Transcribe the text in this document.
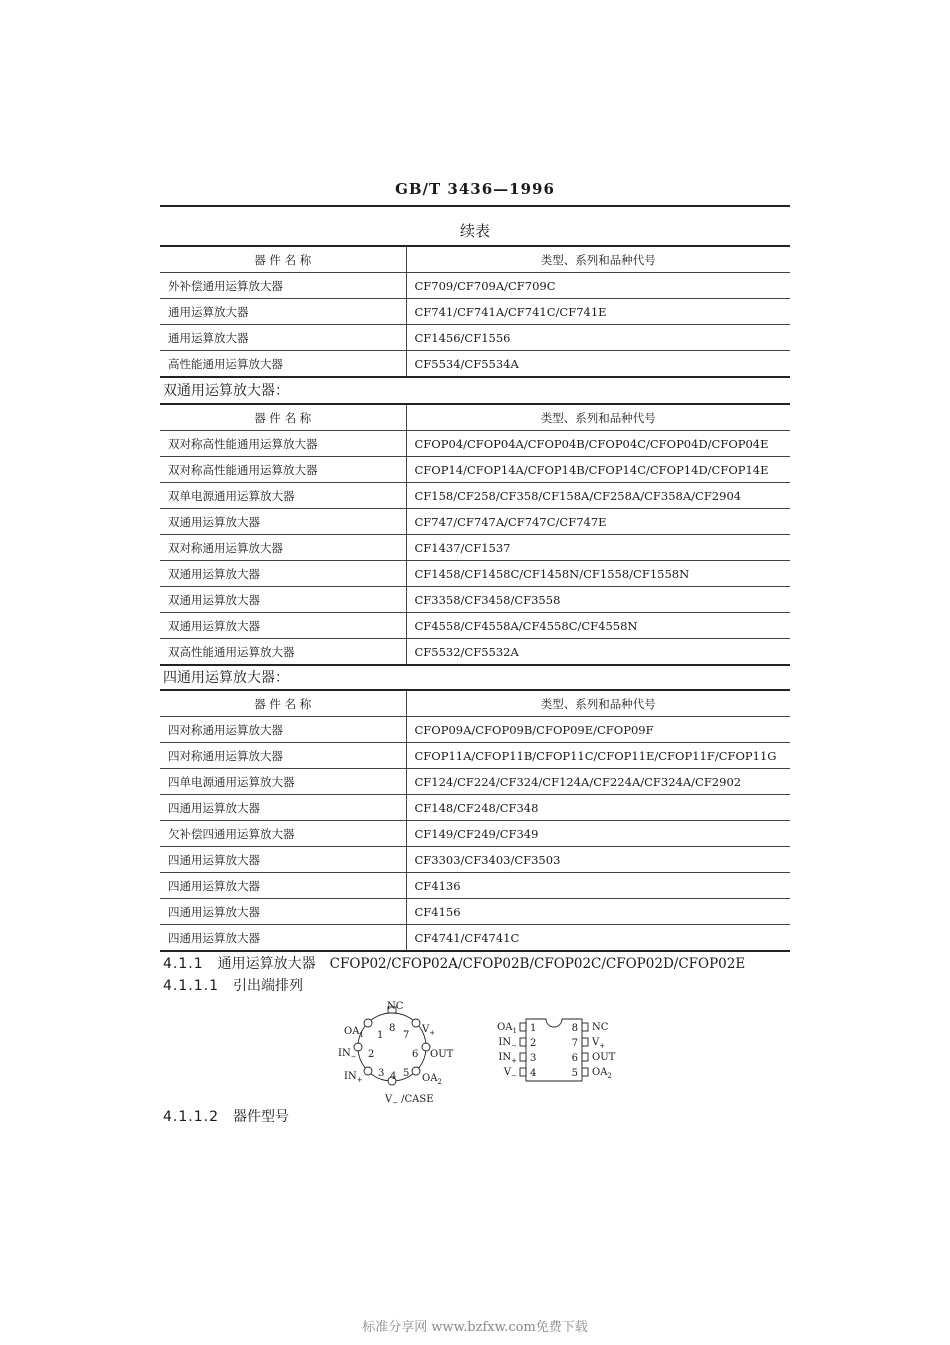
GB/T 3436—1996
续表
器 件 名 称	类型、系列和品种代号
外补偿通用运算放大器	CF709/CF709A/CF709C
通用运算放大器	CF741/CF741A/CF741C/CF741E
通用运算放大器	CF1456/CF1556
高性能通用运算放大器	CF5534/CF5534A
双通用运算放大器：
器 件 名 称	类型、系列和品种代号
双对称高性能通用运算放大器	CFOP04/CFOP04A/CFOP04B/CFOP04C/CFOP04D/CFOP04E
双对称高性能通用运算放大器	CFOP14/CFOP14A/CFOP14B/CFOP14C/CFOP14D/CFOP14E
双单电源通用运算放大器	CF158/CF258/CF358/CF158A/CF258A/CF358A/CF2904
双通用运算放大器	CF747/CF747A/CF747C/CF747E
双对称通用运算放大器	CF1437/CF1537
双通用运算放大器	CF1458/CF1458C/CF1458N/CF1558/CF1558N
双通用运算放大器	CF3358/CF3458/CF3558
双通用运算放大器	CF4558/CF4558A/CF4558C/CF4558N
双高性能通用运算放大器	CF5532/CF5532A
四通用运算放大器：
器 件 名 称	类型、系列和品种代号
四对称通用运算放大器	CFOP09A/CFOP09B/CFOP09E/CFOP09F
四对称通用运算放大器	CFOP11A/CFOP11B/CFOP11C/CFOP11E/CFOP11F/CFOP11G
四单电源通用运算放大器	CF124/CF224/CF324/CF124A/CF224A/CF324A/CF2902
四通用运算放大器	CF148/CF248/CF348
欠补偿四通用运算放大器	CF149/CF249/CF349
四通用运算放大器	CF3303/CF3403/CF3503
四通用运算放大器	CF4136
四通用运算放大器	CF4156
四通用运算放大器	CF4741/CF4741C
4.1.1 通用运算放大器 CFOP02/CFOP02A/CFOP02B/CFOP02C/CFOP02D/CFOP02E
4.1.1.1 引出端排列
1
$OA_1$
2
$IN_-$
3
$IN_+$	4
$V_-$ /CASE
5 $OA_2$
6 OUT
7
$V_+$
8
NC
1
$OA_1$
2
$IN_-$
3
$IN_+$
4
$V_-$
8 NC
7 $V_+$
6 OUT
5 $OA_2$
4.1.1.2 器件型号
标准分享网 www.bzfxw.com免费下载
